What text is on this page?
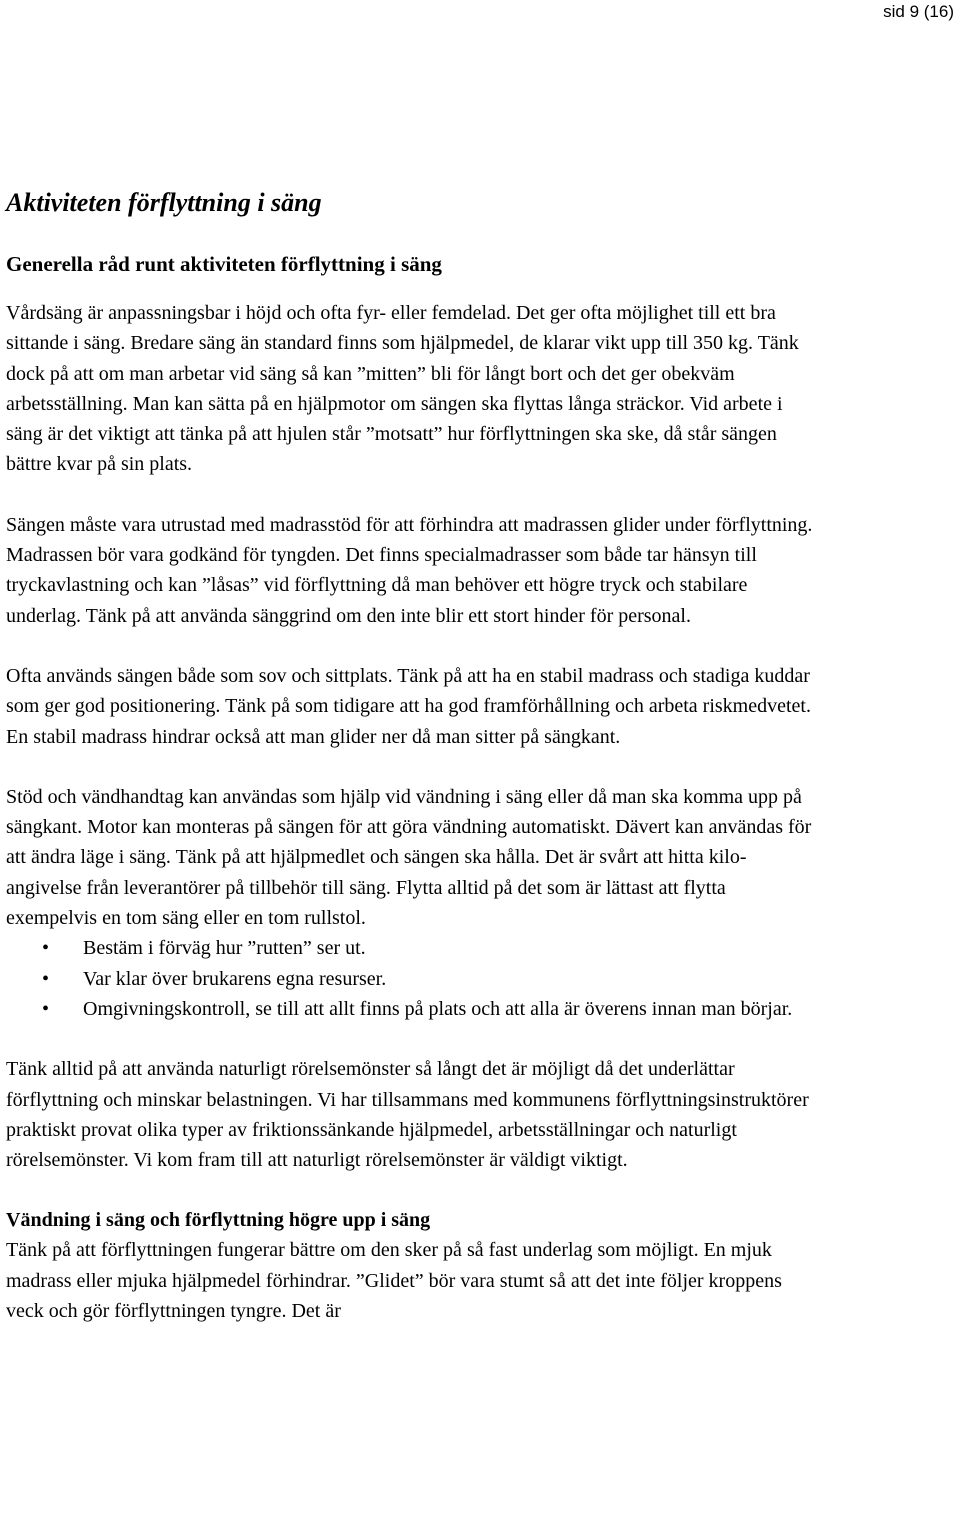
sid 9 (16)
Aktiviteten förflyttning i säng
Generella råd runt aktiviteten förflyttning i säng

Vårdsäng är anpassningsbar i höjd och ofta fyr- eller femdelad. Det ger ofta möjlighet till ett bra sittande i säng. Bredare säng än standard finns som hjälpmedel, de klarar vikt upp till 350 kg. Tänk dock på att om man arbetar vid säng så kan ”mitten” bli för långt bort och det ger obekväm arbetsställning. Man kan sätta på en hjälpmotor om sängen ska flyttas långa sträckor. Vid arbete i säng är det viktigt att tänka på att hjulen står ”motsatt” hur förflyttningen ska ske, då står sängen bättre kvar på sin plats.

Sängen måste vara utrustad med madrasstöd för att förhindra att madrassen glider under förflyttning. Madrassen bör vara godkänd för tyngden. Det finns specialmadrasser som både tar hänsyn till tryckavlastning och kan ”låsas” vid förflyttning då man behöver ett högre tryck och stabilare underlag. Tänk på att använda sänggrind om den inte blir ett stort hinder för personal.

Ofta används sängen både som sov och sittplats. Tänk på att ha en stabil madrass och stadiga kuddar som ger god positionering. Tänk på som tidigare att ha god framförhållning och arbeta riskmedvetet. En stabil madrass hindrar också att man glider ner då man sitter på sängkant.

Stöd och vändhandtag kan användas som hjälp vid vändning i säng eller då man ska komma upp på sängkant. Motor kan monteras på sängen för att göra vändning automatiskt. Dävert kan användas för att ändra läge i säng. Tänk på att hjälpmedlet och sängen ska hålla. Det är svårt att hitta kilo-angivelse från leverantörer på tillbehör till säng. Flytta alltid på det som är lättast att flytta exempelvis en tom säng eller en tom rullstol.

• Bestäm i förväg hur ”rutten” ser ut.
• Var klar över brukarens egna resurser.
• Omgivningskontroll, se till att allt finns på plats och att alla är överens innan man börjar.

Tänk alltid på att använda naturligt rörelsemönster så långt det är möjligt då det underlättar förflyttning och minskar belastningen. Vi har tillsammans med kommunens förflyttningsinstruktörer praktiskt provat olika typer av friktionssänkande hjälpmedel, arbetsställningar och naturligt rörelsemönster. Vi kom fram till att naturligt rörelsemönster är väldigt viktigt.

Vändning i säng och förflyttning högre upp i säng

Tänk på att förflyttningen fungerar bättre om den sker på så fast underlag som möjligt. En mjuk madrass eller mjuka hjälpmedel förhindrar. ”Glidet” bör vara stumt så att det inte följer kroppens veck och gör förflyttningen tyngre. Det är
